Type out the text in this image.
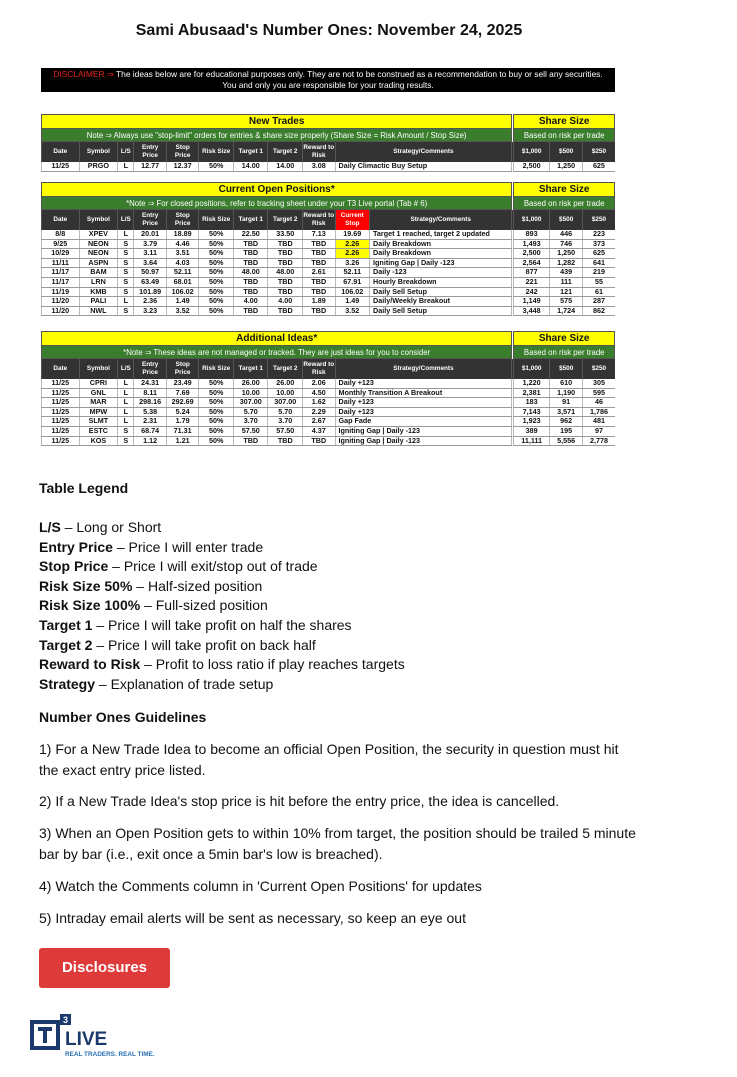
Sami Abusaad's Number Ones: November 24, 2025
DISCLAIMER ⇒ The ideas below are for educational purposes only. They are not to be construed as a recommendation to buy or sell any securities.
You and only you are responsible for your trading results.
New Trades											Share Size		
Note ⇒ Always use "stop-limit" orders for entries & share size properly (Share Size = Risk Amount / Stop Size)											Based on risk per trade		
Date	Symbol	L/S	Entry Price	Stop Price	Risk Size	Target 1	Target 2	Reward to Risk	Strategy/Comments		$1,000	$500	$250
11/25	PRGO	L	12.77	12.37	50%	14.00	14.00	3.08	Daily Climactic Buy Setup		2,500	1,250	625
Current Open Positions*												Share Size		
*Note ⇒ For closed positions, refer to tracking sheet under your T3 Live portal (Tab # 6)												Based on risk per trade		
Date	Symbol	L/S	Entry Price	Stop Price	Risk Size	Target 1	Target 2	Reward to Risk	Current Stop	Strategy/Comments		$1,000	$500	$250
8/8	XPEV	L	20.01	18.89	50%	22.50	33.50	7.13	19.69	Target 1 reached, target 2 updated		893	446	223
9/25	NEON	S	3.79	4.46	50%	TBD	TBD	TBD	2.26	Daily Breakdown		1,493	746	373
10/29	NEON	S	3.11	3.51	50%	TBD	TBD	TBD	2.26	Daily Breakdown		2,500	1,250	625
11/11	ASPN	S	3.64	4.03	50%	TBD	TBD	TBD	3.26	Igniting Gap | Daily -123		2,564	1,282	641
11/17	BAM	S	50.97	52.11	50%	48.00	48.00	2.61	52.11	Daily -123		877	439	219
11/17	LRN	S	63.49	68.01	50%	TBD	TBD	TBD	67.91	Hourly Breakdown		221	111	55
11/19	KMB	S	101.89	106.02	50%	TBD	TBD	TBD	106.02	Daily Sell Setup		242	121	61
11/20	PALI	L	2.36	1.49	50%	4.00	4.00	1.89	1.49	Daily/Weekly Breakout		1,149	575	287
11/20	NWL	S	3.23	3.52	50%	TBD	TBD	TBD	3.52	Daily Sell Setup		3,448	1,724	862
Additional Ideas*											Share Size		
*Note ⇒ These ideas are not managed or tracked. They are just ideas for you to consider											Based on risk per trade		
Date	Symbol	L/S	Entry Price	Stop Price	Risk Size	Target 1	Target 2	Reward to Risk	Strategy/Comments		$1,000	$500	$250
11/25	CPRI	L	24.31	23.49	50%	26.00	26.00	2.06	Daily +123		1,220	610	305
11/25	GNL	L	8.11	7.69	50%	10.00	10.00	4.50	Monthly Transition A Breakout		2,381	1,190	595
11/25	MAR	L	298.16	292.69	50%	307.00	307.00	1.62	Daily +123		183	91	46
11/25	MPW	L	5.38	5.24	50%	5.70	5.70	2.29	Daily +123		7,143	3,571	1,786
11/25	SLMT	L	2.31	1.79	50%	3.70	3.70	2.67	Gap Fade		1,923	962	481
11/25	ESTC	S	68.74	71.31	50%	57.50	57.50	4.37	Igniting Gap | Daily -123		389	195	97
11/25	KOS	S	1.12	1.21	50%	TBD	TBD	TBD	Igniting Gap | Daily -123		11,111	5,556	2,778
Table Legend
L/S – Long or Short
Entry Price – Price I will enter trade
Stop Price – Price I will exit/stop out of trade
Risk Size 50% – Half-sized position
Risk Size 100% – Full-sized position
Target 1 – Price I will take profit on half the shares
Target 2 – Price I will take profit on back half
Reward to Risk – Profit to loss ratio if play reaches targets
Strategy – Explanation of trade setup
Number Ones Guidelines
1) For a New Trade Idea to become an official Open Position, the security in question must hit the exact entry price listed.
2) If a New Trade Idea's stop price is hit before the entry price, the idea is cancelled.
3) When an Open Position gets to within 10% from target, the position should be trailed 5 minute bar by bar (i.e., exit once a 5min bar's low is breached).
4) Watch the Comments column in 'Current Open Positions' for updates
5) Intraday email alerts will be sent as necessary, so keep an eye out
Disclosures
3
LIVE
REAL TRADERS. REAL TIME.
